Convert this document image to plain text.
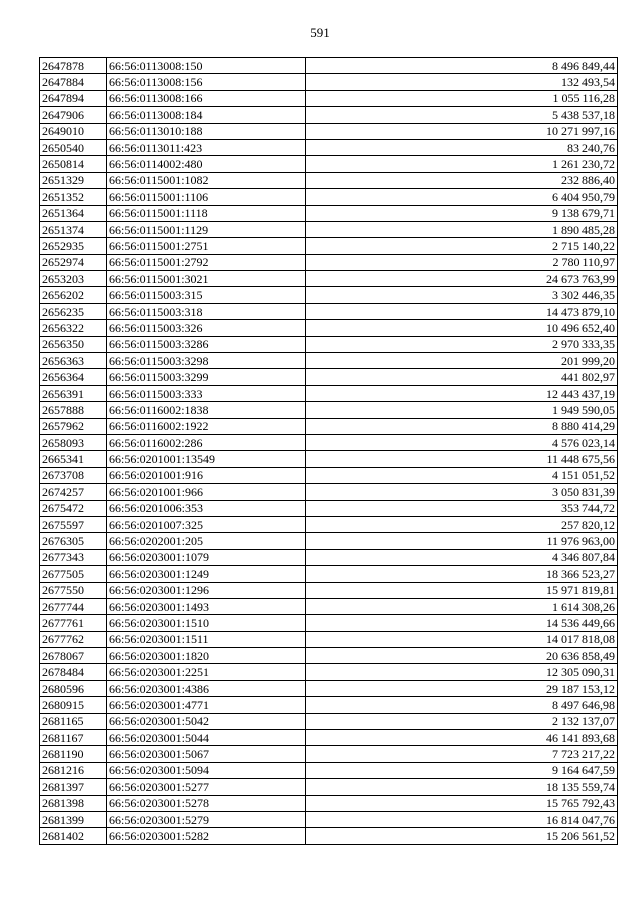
591
2647878	66:56:0113008:150	8 496 849,44
2647884	66:56:0113008:156	132 493,54
2647894	66:56:0113008:166	1 055 116,28
2647906	66:56:0113008:184	5 438 537,18
2649010	66:56:0113010:188	10 271 997,16
2650540	66:56:0113011:423	83 240,76
2650814	66:56:0114002:480	1 261 230,72
2651329	66:56:0115001:1082	232 886,40
2651352	66:56:0115001:1106	6 404 950,79
2651364	66:56:0115001:1118	9 138 679,71
2651374	66:56:0115001:1129	1 890 485,28
2652935	66:56:0115001:2751	2 715 140,22
2652974	66:56:0115001:2792	2 780 110,97
2653203	66:56:0115001:3021	24 673 763,99
2656202	66:56:0115003:315	3 302 446,35
2656235	66:56:0115003:318	14 473 879,10
2656322	66:56:0115003:326	10 496 652,40
2656350	66:56:0115003:3286	2 970 333,35
2656363	66:56:0115003:3298	201 999,20
2656364	66:56:0115003:3299	441 802,97
2656391	66:56:0115003:333	12 443 437,19
2657888	66:56:0116002:1838	1 949 590,05
2657962	66:56:0116002:1922	8 880 414,29
2658093	66:56:0116002:286	4 576 023,14
2665341	66:56:0201001:13549	11 448 675,56
2673708	66:56:0201001:916	4 151 051,52
2674257	66:56:0201001:966	3 050 831,39
2675472	66:56:0201006:353	353 744,72
2675597	66:56:0201007:325	257 820,12
2676305	66:56:0202001:205	11 976 963,00
2677343	66:56:0203001:1079	4 346 807,84
2677505	66:56:0203001:1249	18 366 523,27
2677550	66:56:0203001:1296	15 971 819,81
2677744	66:56:0203001:1493	1 614 308,26
2677761	66:56:0203001:1510	14 536 449,66
2677762	66:56:0203001:1511	14 017 818,08
2678067	66:56:0203001:1820	20 636 858,49
2678484	66:56:0203001:2251	12 305 090,31
2680596	66:56:0203001:4386	29 187 153,12
2680915	66:56:0203001:4771	8 497 646,98
2681165	66:56:0203001:5042	2 132 137,07
2681167	66:56:0203001:5044	46 141 893,68
2681190	66:56:0203001:5067	7 723 217,22
2681216	66:56:0203001:5094	9 164 647,59
2681397	66:56:0203001:5277	18 135 559,74
2681398	66:56:0203001:5278	15 765 792,43
2681399	66:56:0203001:5279	16 814 047,76
2681402	66:56:0203001:5282	15 206 561,52
